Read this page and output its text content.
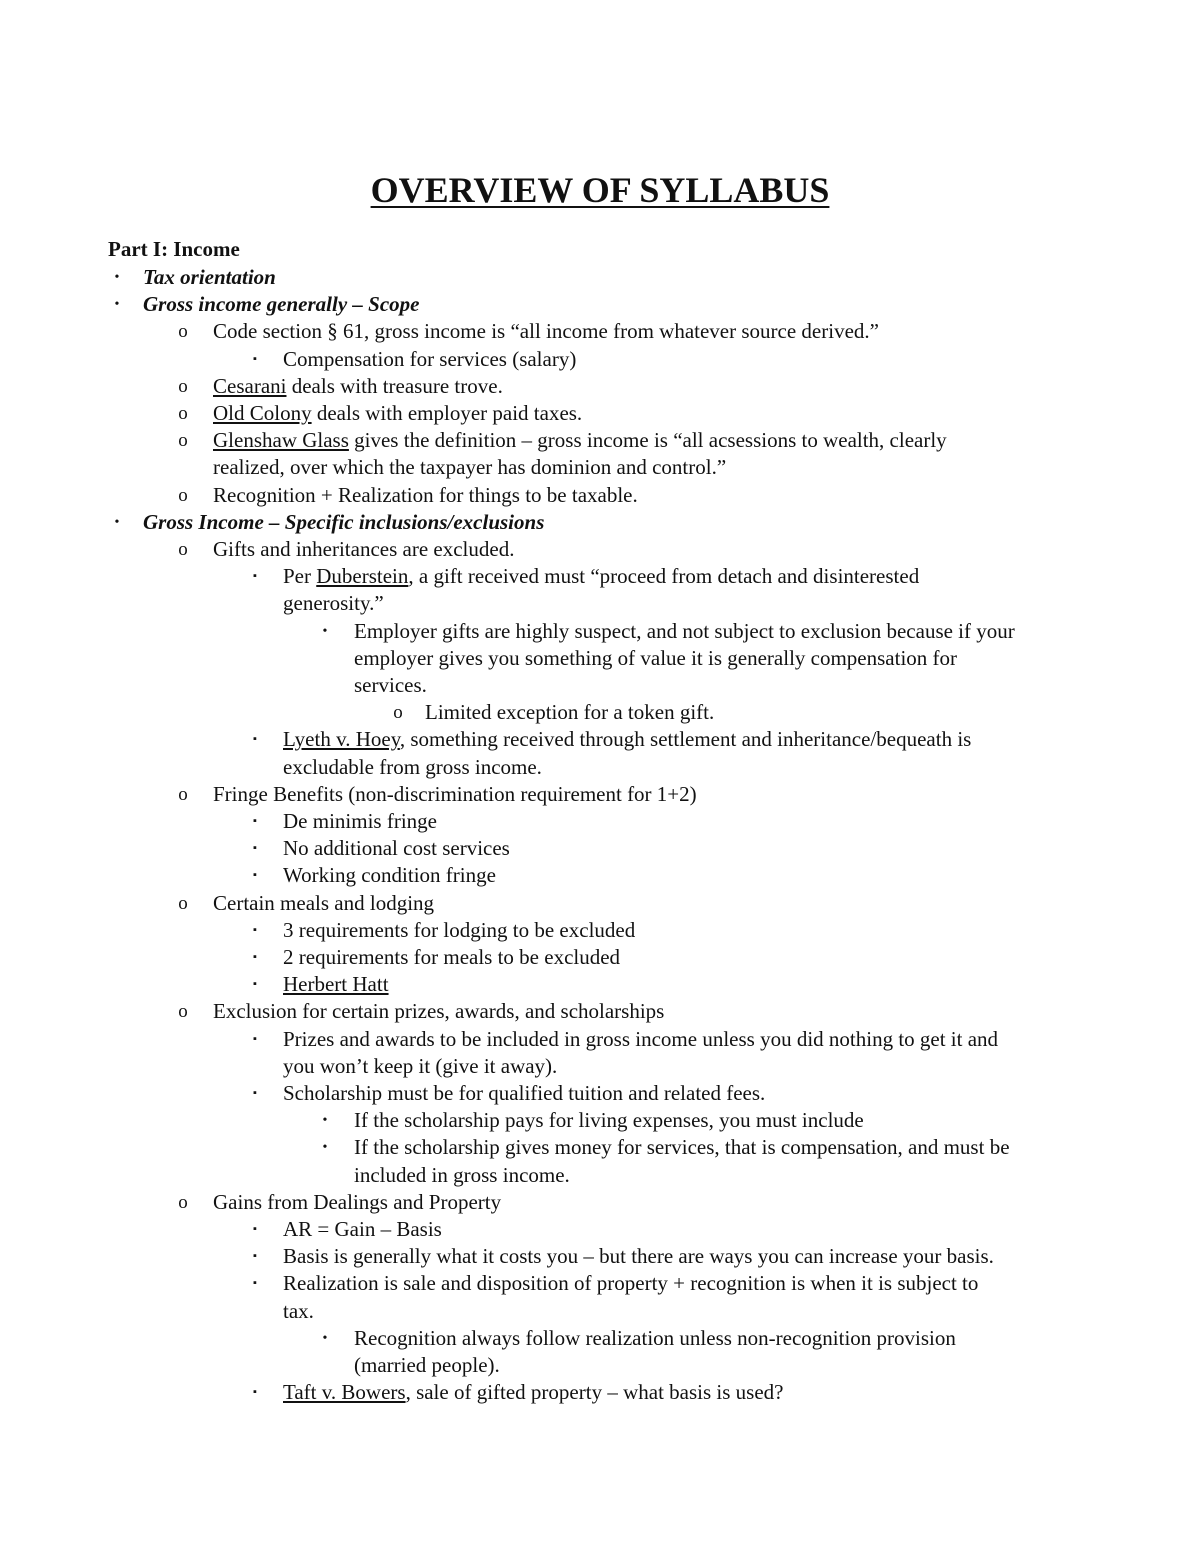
OVERVIEW OF SYLLABUS
Part I: Income
•	Tax orientation
•	Gross income generally – Scope
o Code section § 61, gross income is “all income from whatever source derived.”
▪	Compensation for services (salary)
o Cesarani deals with treasure trove.
o Old Colony deals with employer paid taxes.
o Glenshaw Glass gives the definition – gross income is “all acsessions to wealth, clearly
realized, over which the taxpayer has dominion and control.”
o Recognition + Realization for things to be taxable.
•	Gross Income – Specific inclusions/exclusions
o Gifts and inheritances are excluded.
▪	Per Duberstein, a gift received must “proceed from detach and disinterested
generosity.”
•	Employer gifts are highly suspect, and not subject to exclusion because if your
employer gives you something of value it is generally compensation for
services.
o Limited exception for a token gift.
▪	Lyeth v. Hoey, something received through settlement and inheritance/bequeath is
excludable from gross income.
o Fringe Benefits (non-discrimination requirement for 1+2)
▪	De minimis fringe
▪	No additional cost services
▪	Working condition fringe
o Certain meals and lodging
▪	3 requirements for lodging to be excluded
▪	2 requirements for meals to be excluded
▪	Herbert Hatt
o Exclusion for certain prizes, awards, and scholarships
▪	Prizes and awards to be included in gross income unless you did nothing to get it and
you won’t keep it (give it away).
▪	Scholarship must be for qualified tuition and related fees.
•	If the scholarship pays for living expenses, you must include
•	If the scholarship gives money for services, that is compensation, and must be
included in gross income.
o Gains from Dealings and Property
▪	AR = Gain – Basis
▪	Basis is generally what it costs you – but there are ways you can increase your basis.
▪	Realization is sale and disposition of property + recognition is when it is subject to
tax.
•	Recognition always follow realization unless non-recognition provision
(married people).
▪	Taft v. Bowers, sale of gifted property – what basis is used?
